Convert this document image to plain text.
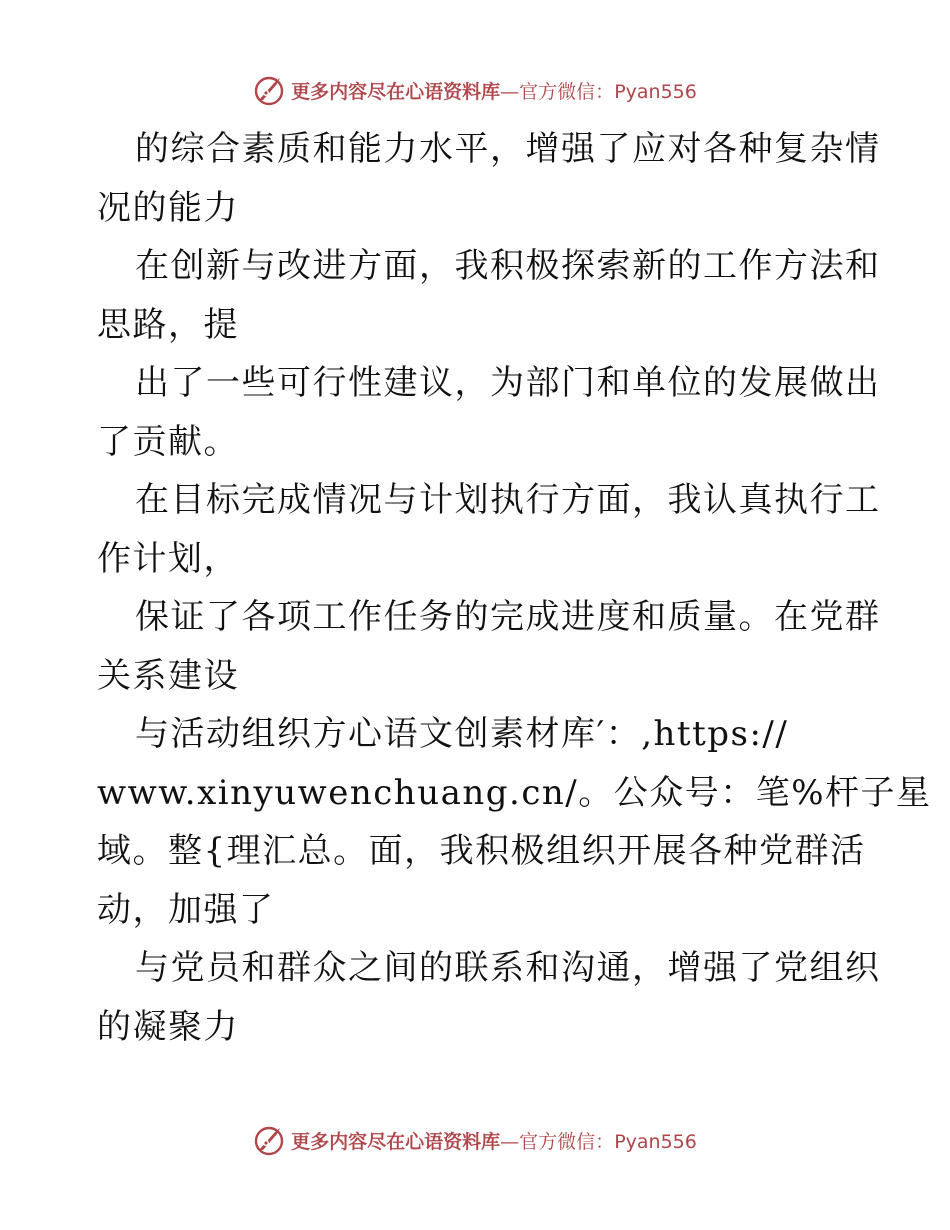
更多内容尽在心语资料库—官方微信：Pyan556
的综合素质和能力水平，增强了应对各种复杂情
况的能力
在创新与改进方面，我积极探索新的工作方法和
思路，提
出了一些可行性建议，为部门和单位的发展做出
了贡献。
在目标完成情况与计划执行方面，我认真执行工
作计划，
保证了各项工作任务的完成进度和质量。在党群
关系建设
与活动组织方心语文创素材库′：,https://
www.xinyuwenchuang.cn/。公众号：笔%杆子星
域。整{理汇总。面，我积极组织开展各种党群活
动，加强了
与党员和群众之间的联系和沟通，增强了党组织
的凝聚力
更多内容尽在心语资料库—官方微信：Pyan556
